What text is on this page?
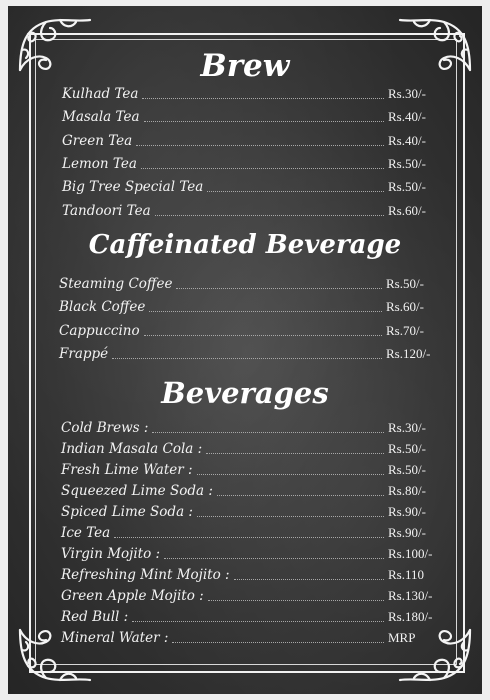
Brew
Caffeinated Beverage
Beverages
Kulhad Tea	Rs.30/-
Masala Tea	Rs.40/-
Green Tea	Rs.40/-
Lemon Tea	Rs.50/-
Big Tree Special Tea	Rs.50/-
Tandoori Tea	Rs.60/-
Steaming Coffee	Rs.50/-
Black Coffee	Rs.60/-
Cappuccino	Rs.70/-
Frappé	Rs.120/-
Cold Brews :	Rs.30/-
Indian Masala Cola :	Rs.50/-
Fresh Lime Water :	Rs.50/-
Squeezed Lime Soda :	Rs.80/-
Spiced Lime Soda :	Rs.90/-
Ice Tea	Rs.90/-
Virgin Mojito :	Rs.100/-
Refreshing Mint Mojito :	Rs.110
Green Apple Mojito :	Rs.130/-
Red Bull :	Rs.180/-
Mineral Water :	MRP
